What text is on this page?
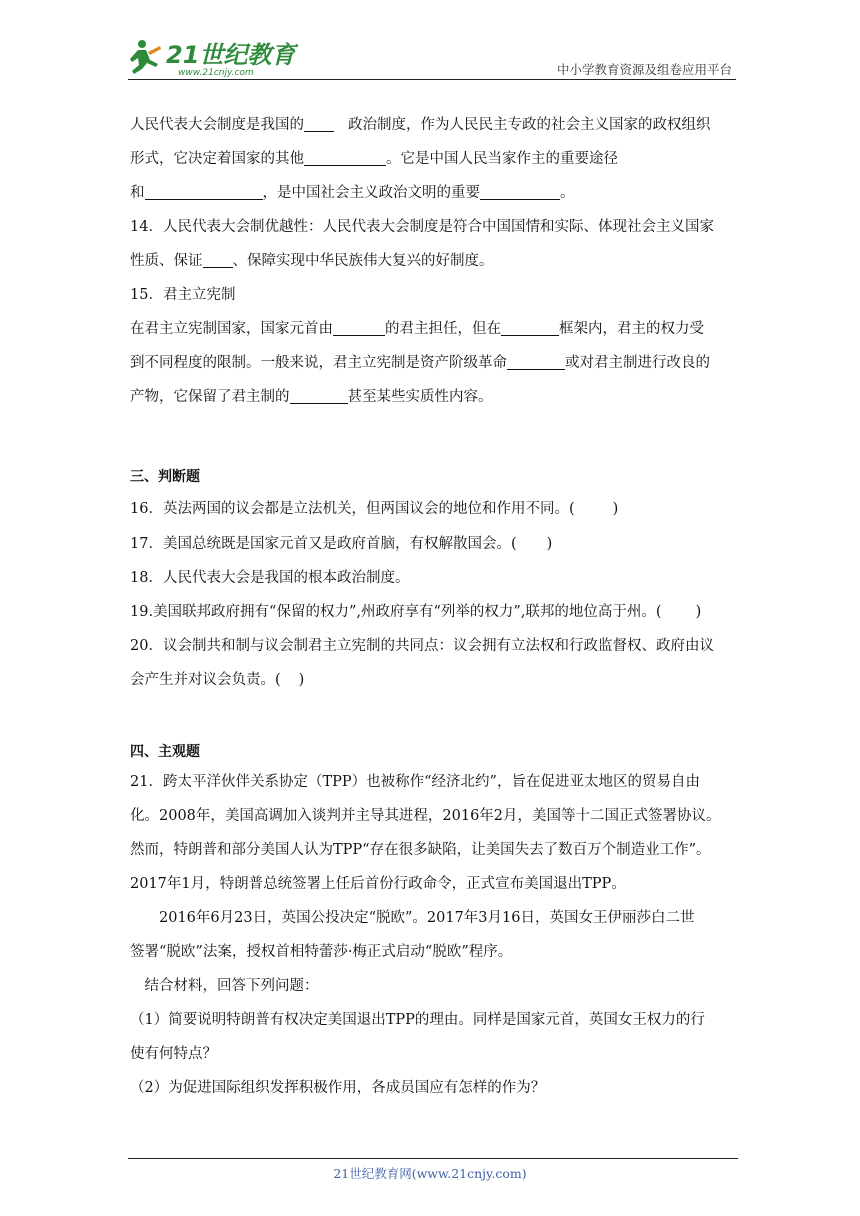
21世纪教育
www.21cnjy.com	中小学教育资源及组卷应用平台
人民代表大会制度是我国的	政治制度，作为人民民主专政的社会主义国家的政权组织
形式，它决定着国家的其他	。它是中国人民当家作主的重要途径
和	，是中国社会主义政治文明的重要	。
14．人民代表大会制优越性：人民代表大会制度是符合中国国情和实际、体现社会主义国家
性质、保证 、保障实现中华民族伟大复兴的好制度。
15．君主立宪制
在君主立宪制国家，国家元首由	的君主担任，但在	框架内，君主的权力受
到不同程度的限制。一般来说，君主立宪制是资产阶级革命	或对君主制进行改良的
产物，它保留了君主制的	甚至某些实质性内容。
三、判断题
16．英法两国的议会都是立法机关，但两国议会的地位和作用不同。(	)
17．美国总统既是国家元首又是政府首脑，有权解散国会。( )
18．人民代表大会是我国的根本政治制度。
19.美国联邦政府拥有“保留的权力”,州政府享有“列举的权力”,联邦的地位高于州。( )
20．议会制共和制与议会制君主立宪制的共同点：议会拥有立法权和行政监督权、政府由议
会产生并对议会负责。( )
四、主观题
21．跨太平洋伙伴关系协定（TPP）也被称作“经济北约”，旨在促进亚太地区的贸易自由
化。2008年，美国高调加入谈判并主导其进程，2016年2月，美国等十二国正式签署协议。
然而，特朗普和部分美国人认为TPP“存在很多缺陷，让美国失去了数百万个制造业工作”。
2017年1月，特朗普总统签署上任后首份行政命令，正式宣布美国退出TPP。
2016年6月23日，英国公投决定“脱欧”。2017年3月16日，英国女王伊丽莎白二世
签署“脱欧”法案，授权首相特蕾莎·梅正式启动“脱欧”程序。
结合材料，回答下列问题：
（1）简要说明特朗普有权决定美国退出TPP的理由。同样是国家元首，英国女王权力的行
使有何特点？
（2）为促进国际组织发挥积极作用，各成员国应有怎样的作为？
21世纪教育网(www.21cnjy.com)
